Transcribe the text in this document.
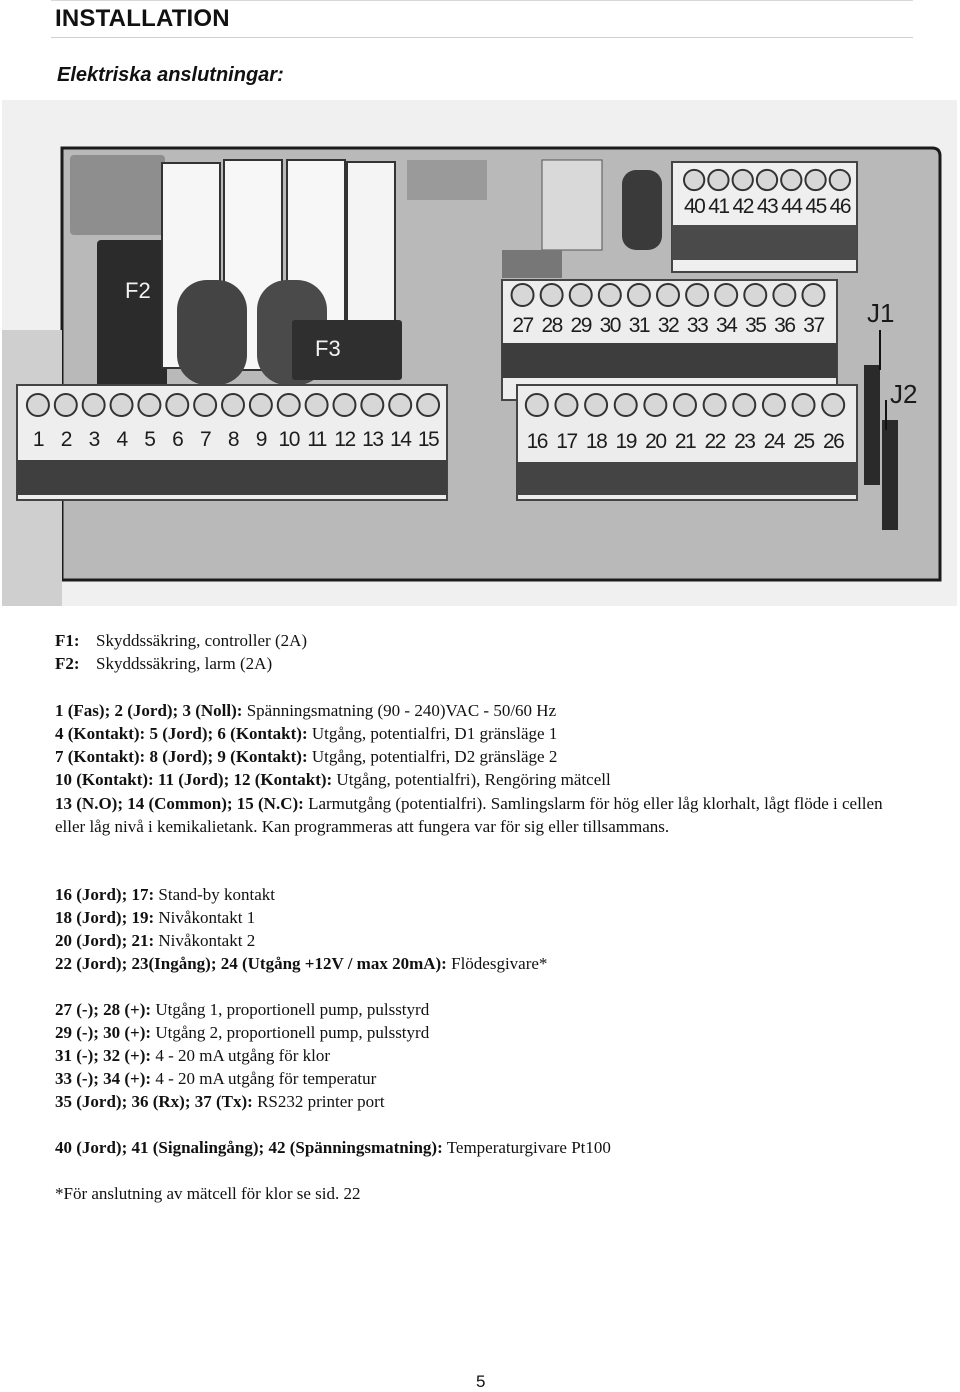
INSTALLATION
Elektriska anslutningar:
F2
F3
J1
J2
40 41 42 43 44 45 46
27 28 29 30 31 32 33 34 35 36 37
16 17 18 19 20 21 22 23 24 25 26
1 2 3 4 5 6 7 8 9 10 11 12 13 14 15
F1: Skyddssäkring, controller (2A)
F2: Skyddssäkring, larm (2A)
1 (Fas); 2 (Jord); 3 (Noll): Spänningsmatning (90 - 240)VAC - 50/60 Hz
4 (Kontakt): 5 (Jord); 6 (Kontakt): Utgång, potentialfri, D1 gränsläge 1
7 (Kontakt): 8 (Jord); 9 (Kontakt): Utgång, potentialfri, D2 gränsläge 2
10 (Kontakt): 11 (Jord); 12 (Kontakt): Utgång, potentialfri), Rengöring mätcell

13 (N.O); 14 (Common); 15 (N.C): Larmutgång (potentialfri). Samlingslarm för hög eller låg klorhalt, lågt flöde i cellen eller låg nivå i kemikalietank. Kan programmeras att fungera var för sig eller tillsammans.

16 (Jord); 17: Stand-by kontakt
18 (Jord); 19: Nivåkontakt 1
20 (Jord); 21: Nivåkontakt 2
22 (Jord); 23(Ingång); 24 (Utgång +12V / max 20mA): Flödesgivare*
27 (-); 28 (+): Utgång 1, proportionell pump, pulsstyrd
29 (-); 30 (+): Utgång 2, proportionell pump, pulsstyrd
31 (-); 32 (+): 4 - 20 mA utgång för klor
33 (-); 34 (+): 4 - 20 mA utgång för temperatur
35 (Jord); 36 (Rx); 37 (Tx): RS232 printer port
40 (Jord); 41 (Signalingång); 42 (Spänningsmatning): Temperaturgivare Pt100
*För anslutning av mätcell för klor se sid. 22
5
